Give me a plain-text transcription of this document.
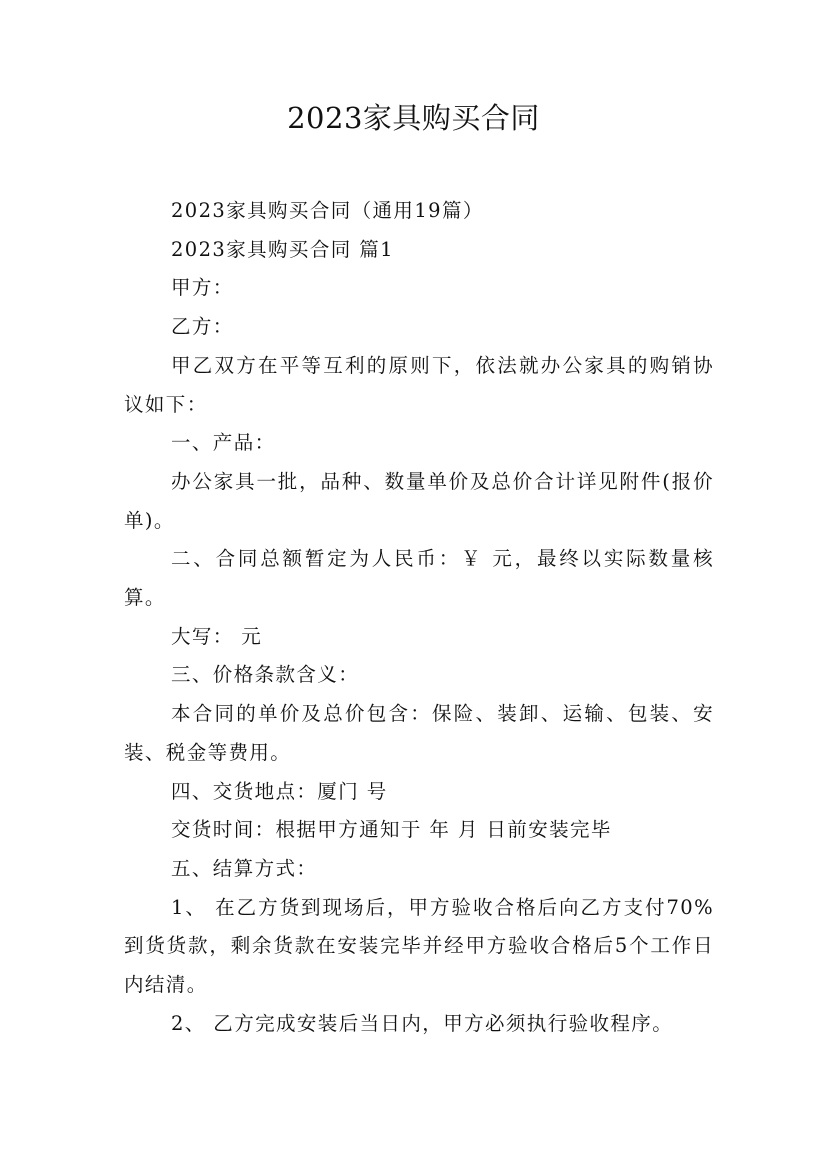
2023家具购买合同

2023家具购买合同（通用19篇）

2023家具购买合同 篇1

甲方：

乙方：

甲乙双方在平等互利的原则下，依法就办公家具的购销协议如下：

一、产品：

办公家具一批，品种、数量单价及总价合计详见附件(报价单)。

二、合同总额暂定为人民币：￥ 元，最终以实际数量核算。

大写： 元

三、价格条款含义：

本合同的单价及总价包含：保险、装卸、运输、包装、安装、税金等费用。

四、交货地点：厦门 号

交货时间：根据甲方通知于 年 月 日前安装完毕

五、结算方式：

1、 在乙方货到现场后，甲方验收合格后向乙方支付70%到货货款，剩余货款在安装完毕并经甲方验收合格后5个工作日内结清。

2、 乙方完成安装后当日内，甲方必须执行验收程序。
